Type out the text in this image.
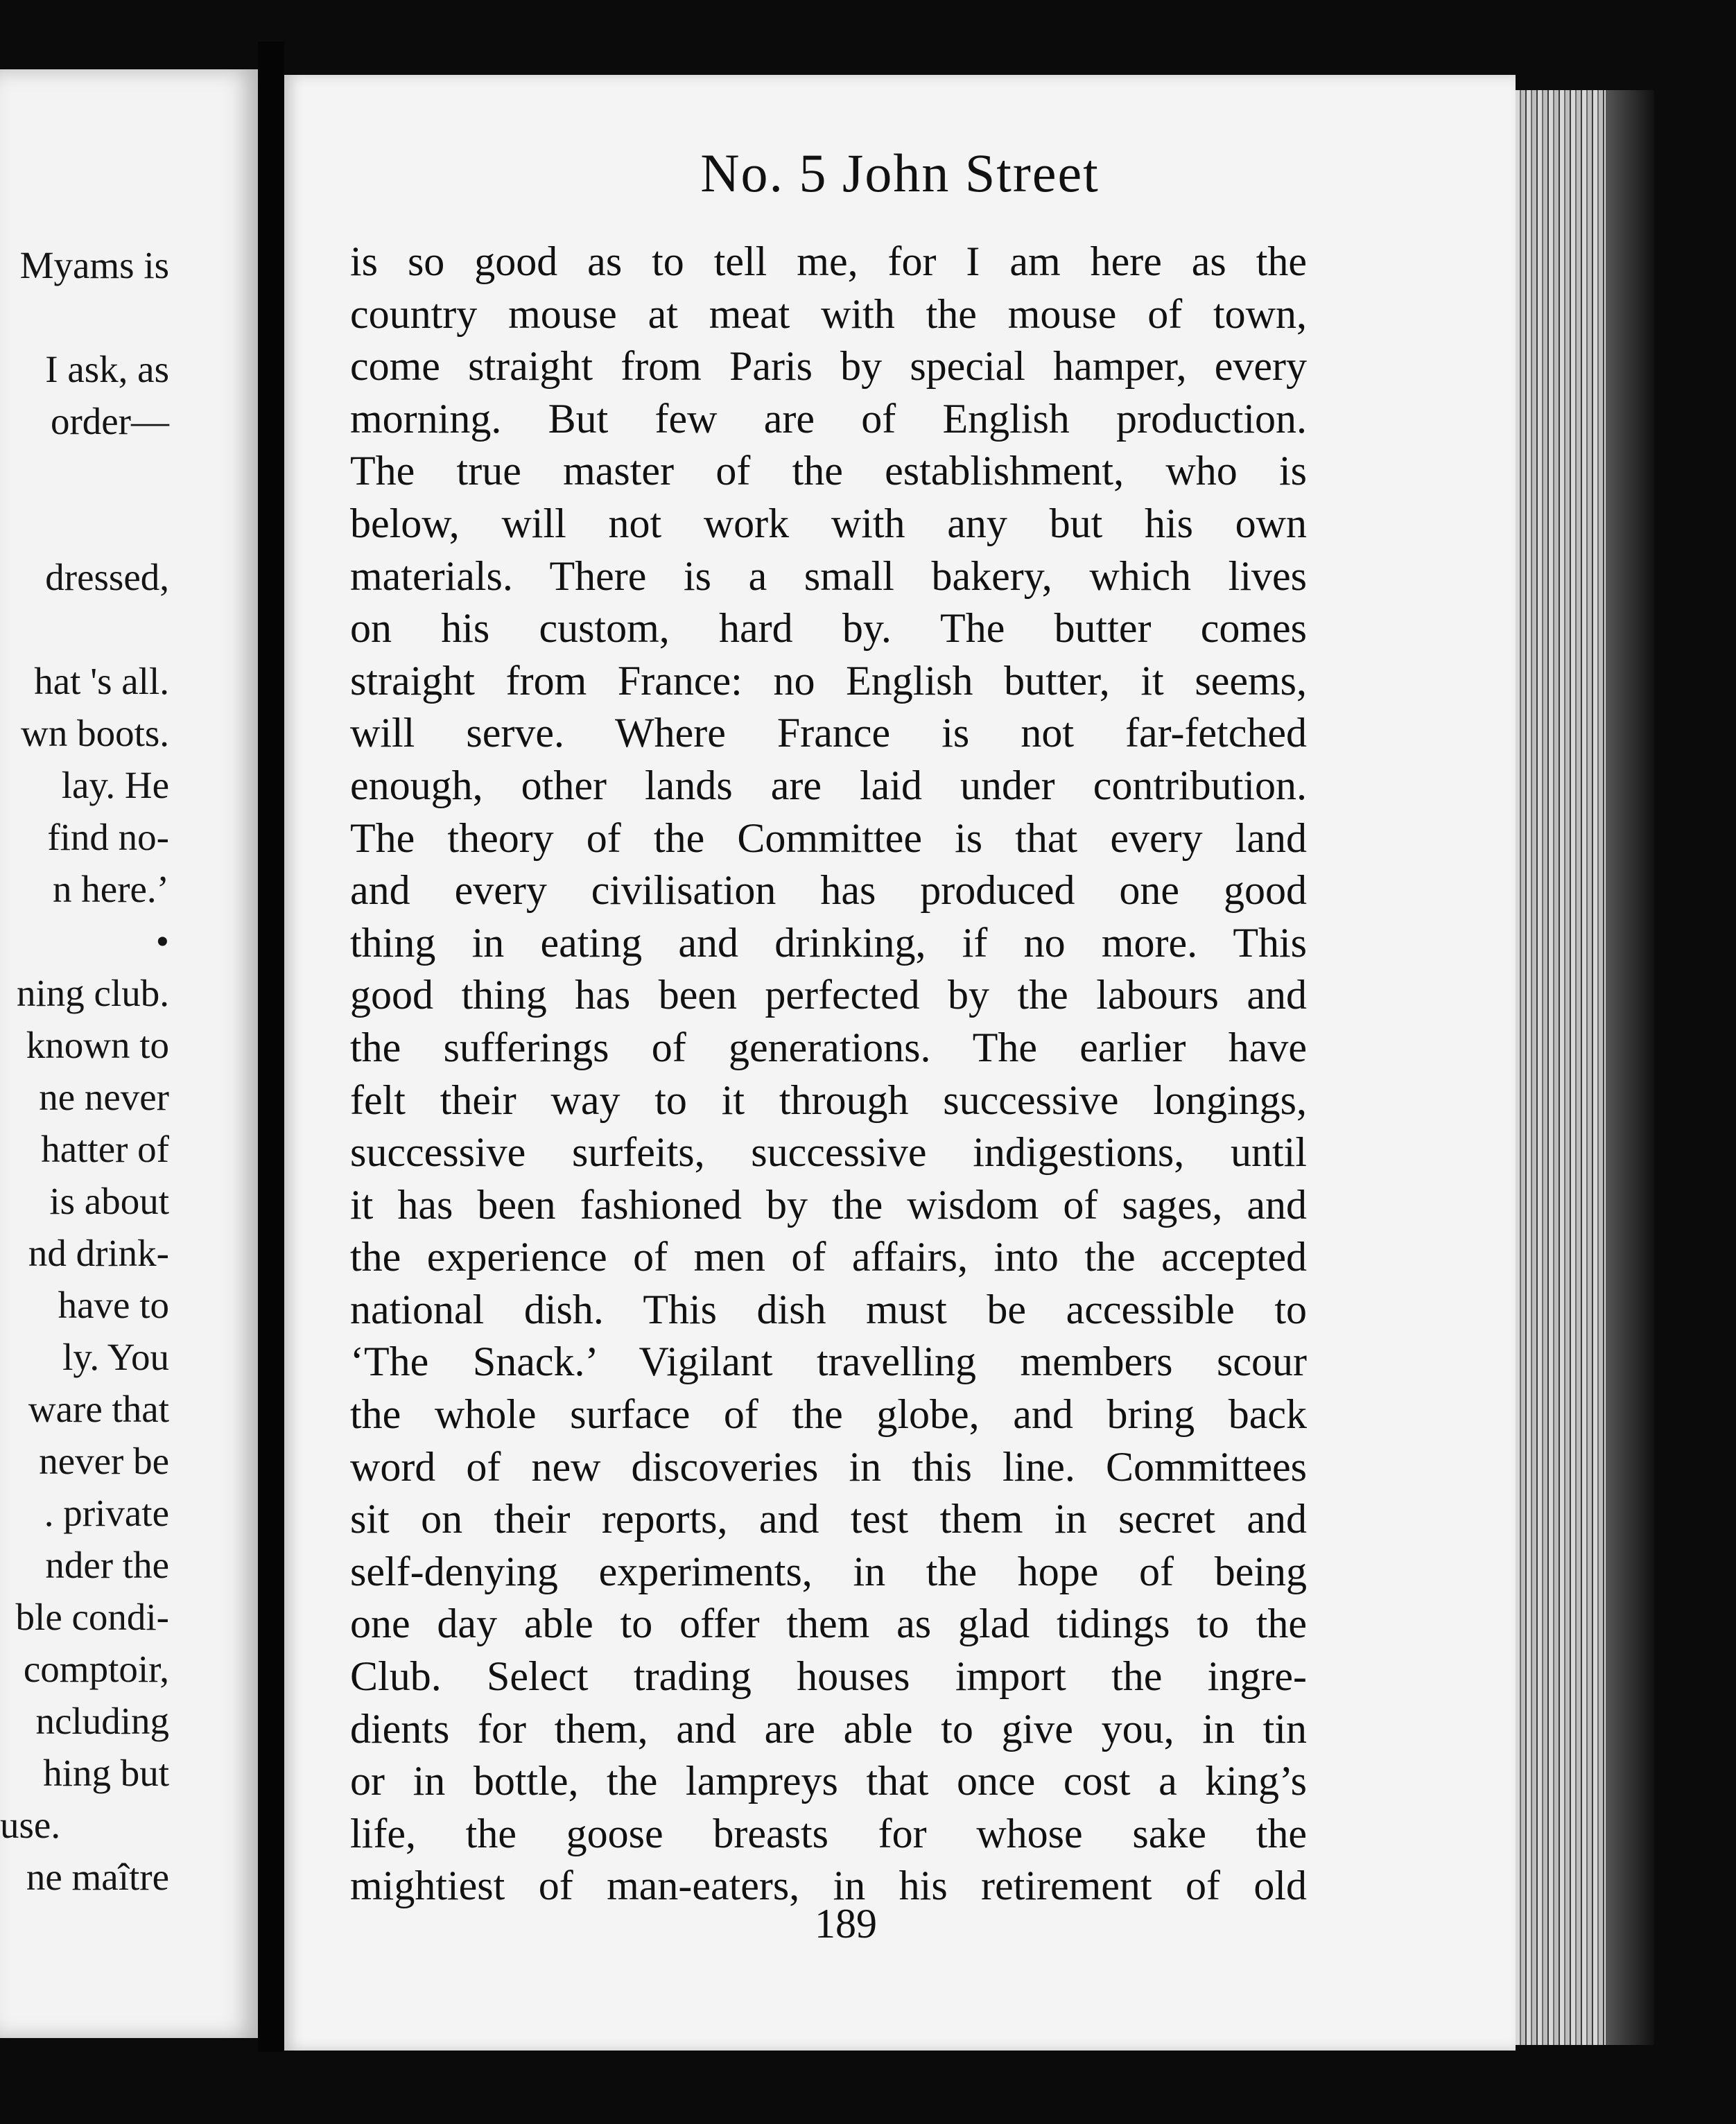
Myams is
I ask, as
order—
dressed,
hat 's all.
wn boots.
lay. He
find no-
n here.’
•
ning club.
known to
ne never
hatter of
is about
nd drink-
have to
ly. You
ware that
never be
. private
nder the
ble condi-
comptoir,
ncluding
hing but
use.
ne maître
No. 5 John Street
is so good as to tell me, for I am here as the
country mouse at meat with the mouse of town,
come straight from Paris by special hamper, every
morning. But few are of English production.
The true master of the establishment, who is
below, will not work with any but his own
materials. There is a small bakery, which lives
on his custom, hard by. The butter comes
straight from France: no English butter, it seems,
will serve. Where France is not far-fetched
enough, other lands are laid under contribution.
The theory of the Committee is that every land
and every civilisation has produced one good
thing in eating and drinking, if no more. This
good thing has been perfected by the labours and
the sufferings of generations. The earlier have
felt their way to it through successive longings,
successive surfeits, successive indigestions, until
it has been fashioned by the wisdom of sages, and
the experience of men of affairs, into the accepted
national dish. This dish must be accessible to
‘The Snack.’ Vigilant travelling members scour
the whole surface of the globe, and bring back
word of new discoveries in this line. Committees
sit on their reports, and test them in secret and
self-denying experiments, in the hope of being
one day able to offer them as glad tidings to the
Club. Select trading houses import the ingre-
dients for them, and are able to give you, in tin
or in bottle, the lampreys that once cost a king’s
life, the goose breasts for whose sake the
mightiest of man-eaters, in his retirement of old
189
